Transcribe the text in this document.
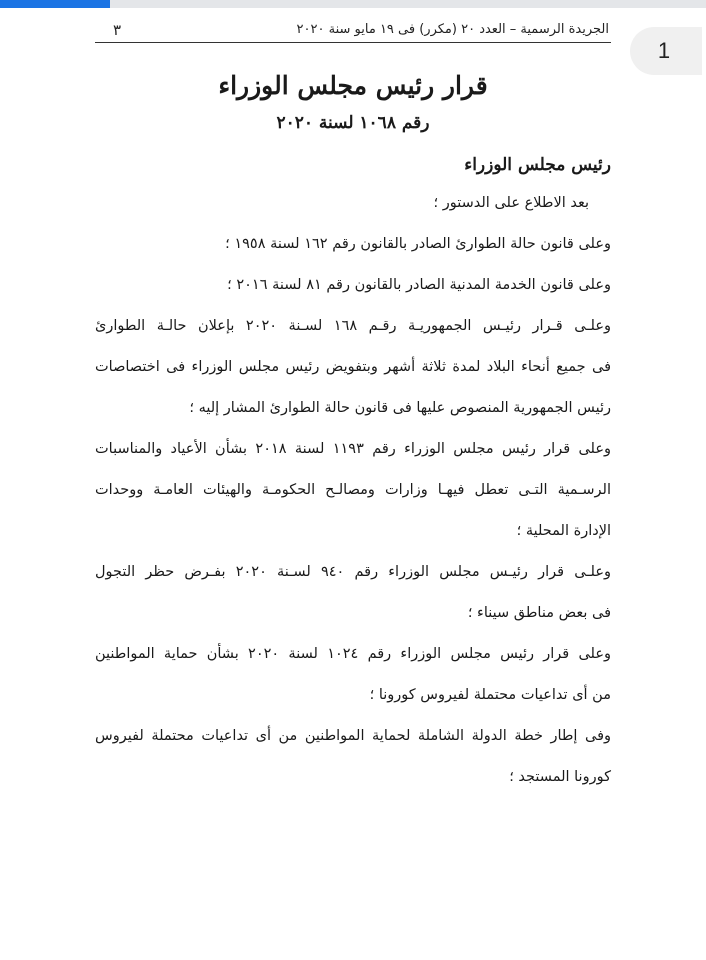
1
الجريدة الرسمية – العدد ٢٠ (مكرر) فى ١٩ مايو سنة ٢٠٢٠
٣
قرار رئيس مجلس الوزراء
رقم ١٠٦٨ لسنة ٢٠٢٠
رئيس مجلس الوزراء
بعد الاطلاع على الدستور ؛
وعلى قانون حالة الطوارئ الصادر بالقانون رقم ١٦٢ لسنة ١٩٥٨ ؛
وعلى قانون الخدمة المدنية الصادر بالقانون رقم ٨١ لسنة ٢٠١٦ ؛
وعلـى قـرار رئيـس الجمهوريـة رقـم ١٦٨ لسـنة ٢٠٢٠ بإعلان حالـة الطوارئ
فى جميع أنحاء البلاد لمدة ثلاثة أشهر وبتفويض رئيس مجلس الوزراء فى اختصاصات
رئيس الجمهورية المنصوص عليها فى قانون حالة الطوارئ المشار إليه ؛
وعلى قرار رئيس مجلس الوزراء رقم ١١٩٣ لسنة ٢٠١٨ بشأن الأعياد والمناسبات
الرسـمية التـى تعطل فيهـا وزارات ومصالـح الحكومـة والهيئات العامـة ووحدات
الإدارة المحلية ؛
وعلـى قرار رئيـس مجلس الوزراء رقم ٩٤٠ لسـنة ٢٠٢٠ بفـرض حظر التجول
فى بعض مناطق سيناء ؛
وعلى قرار رئيس مجلس الوزراء رقم ١٠٢٤ لسنة ٢٠٢٠ بشأن حماية المواطنين
من أى تداعيات محتملة لفيروس كورونا ؛
وفى إطار خطة الدولة الشاملة لحماية المواطنين من أى تداعيات محتملة لفيروس
كورونا المستجد ؛
